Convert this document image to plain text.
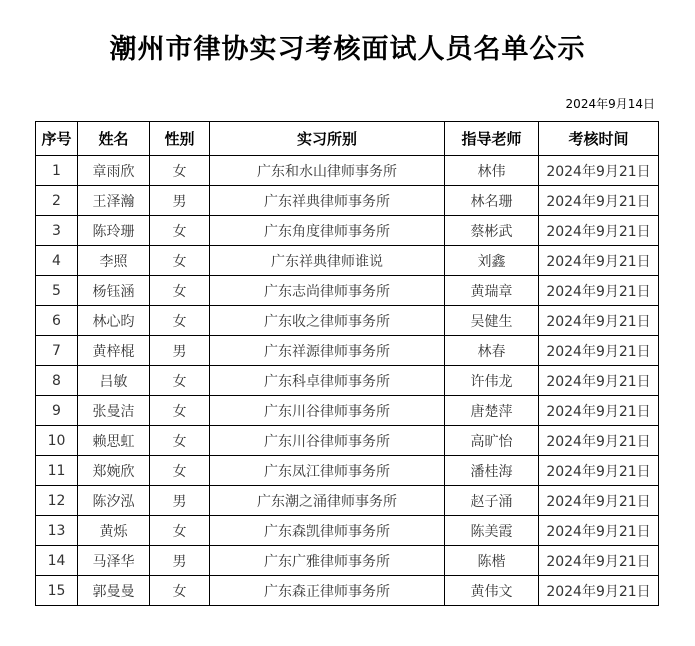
潮州市律协实习考核面试人员名单公示
2024年9月14日
序号	姓名	性别	实习所别	指导老师	考核时间
1	章雨欣	女	广东和水山律师事务所	林伟	2024年9月21日
2	王泽瀚	男	广东祥典律师事务所	林名珊	2024年9月21日
3	陈玲珊	女	广东角度律师事务所	蔡彬武	2024年9月21日
4	李照	女	广东祥典律师谁说	刘鑫	2024年9月21日
5	杨钰涵	女	广东志尚律师事务所	黄瑞章	2024年9月21日
6	林心昀	女	广东收之律师事务所	吴健生	2024年9月21日
7	黄梓棍	男	广东祥源律师事务所	林春	2024年9月21日
8	吕敏	女	广东科卓律师事务所	许伟龙	2024年9月21日
9	张曼洁	女	广东川谷律师事务所	唐楚萍	2024年9月21日
10	赖思虹	女	广东川谷律师事务所	高旷怡	2024年9月21日
11	郑婉欣	女	广东凤江律师事务所	潘桂海	2024年9月21日
12	陈汐泓	男	广东潮之涌律师事务所	赵子涌	2024年9月21日
13	黄烁	女	广东森凯律师事务所	陈美霞	2024年9月21日
14	马泽华	男	广东广雅律师事务所	陈楷	2024年9月21日
15	郭曼曼	女	广东森正律师事务所	黄伟文	2024年9月21日
